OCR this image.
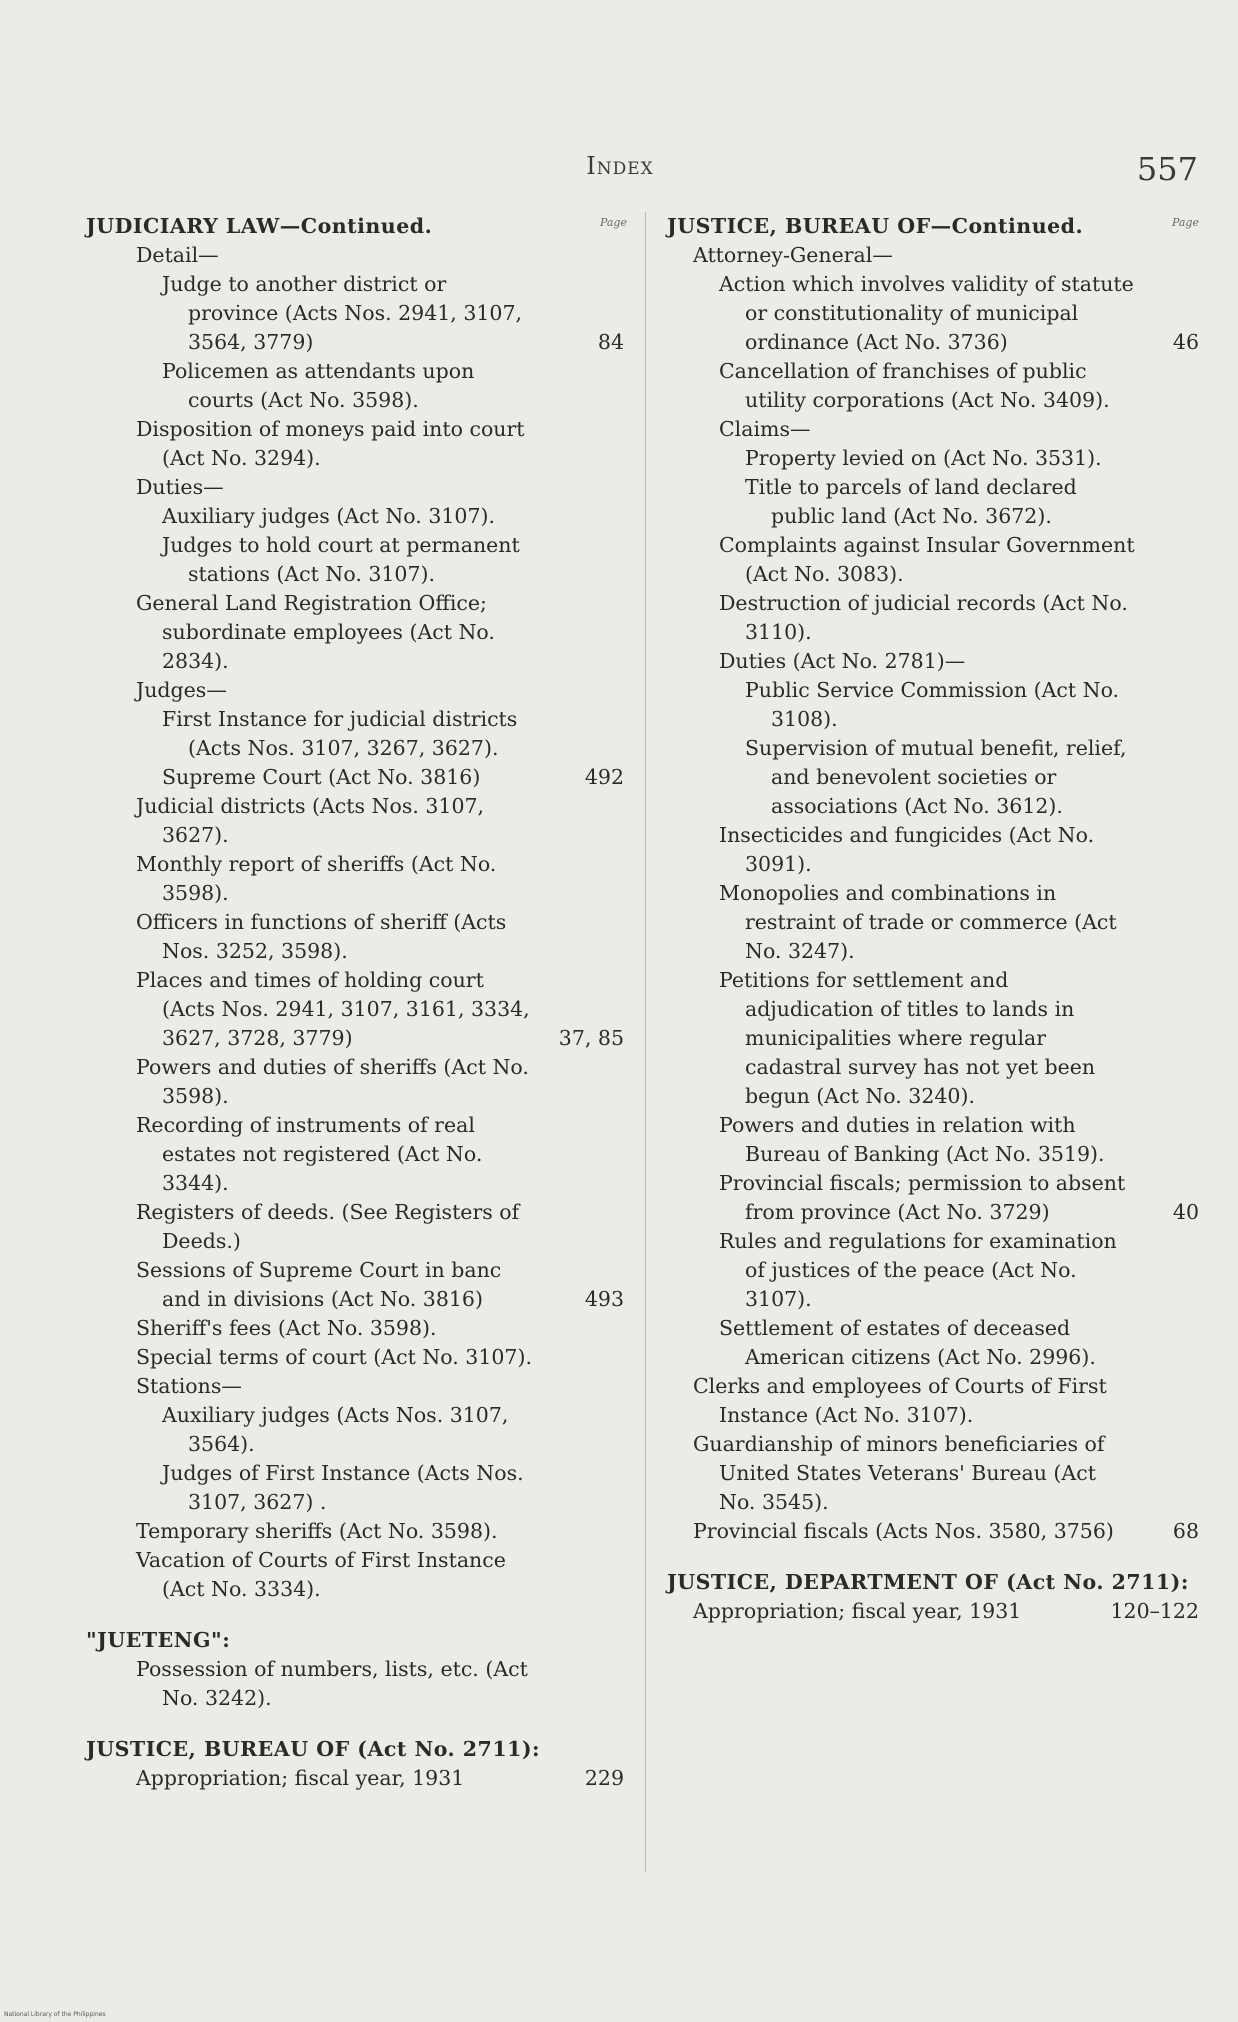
Index	557
Page
JUDICIARY LAW—Continued.
Detail—
Judge to another district or province (Acts Nos. 2941, 3107, 3564, 3779)	84
Policemen as attendants upon courts (Act No. 3598).
Disposition of moneys paid into court (Act No. 3294).
Duties—
Auxiliary judges (Act No. 3107).
Judges to hold court at permanent stations (Act No. 3107).
General Land Registration Office; subordinate employees (Act No. 2834).
Judges—
First Instance for judicial districts (Acts Nos. 3107, 3267, 3627).
Supreme Court (Act No. 3816)	492
Judicial districts (Acts Nos. 3107, 3627).
Monthly report of sheriffs (Act No. 3598).
Officers in functions of sheriff (Acts Nos. 3252, 3598).
Places and times of holding court (Acts Nos. 2941, 3107, 3161, 3334, 3627, 3728, 3779)	37, 85
Powers and duties of sheriffs (Act No. 3598).
Recording of instruments of real estates not registered (Act No. 3344).
Registers of deeds. (See Registers of Deeds.)
Sessions of Supreme Court in banc and in divisions (Act No. 3816)	493
Sheriff's fees (Act No. 3598).
Special terms of court (Act No. 3107).
Stations—
Auxiliary judges (Acts Nos. 3107, 3564).
Judges of First Instance (Acts Nos. 3107, 3627) .
Temporary sheriffs (Act No. 3598).
Vacation of Courts of First Instance (Act No. 3334).
"JUETENG":
Possession of numbers, lists, etc. (Act No. 3242).
JUSTICE, BUREAU OF (Act No. 2711):
Appropriation; fiscal year, 1931	229
Page
JUSTICE, BUREAU OF—Continued.
Attorney-General—
Action which involves validity of statute or constitutionality of municipal ordinance (Act No. 3736)	46
Cancellation of franchises of public utility corporations (Act No. 3409).
Claims—
Property levied on (Act No. 3531).
Title to parcels of land declared public land (Act No. 3672).
Complaints against Insular Government (Act No. 3083).
Destruction of judicial records (Act No. 3110).
Duties (Act No. 2781)—
Public Service Commission (Act No. 3108).
Supervision of mutual benefit, relief, and benevolent societies or associations (Act No. 3612).
Insecticides and fungicides (Act No. 3091).
Monopolies and combinations in restraint of trade or commerce (Act No. 3247).
Petitions for settlement and adjudication of titles to lands in municipalities where regular cadastral survey has not yet been begun (Act No. 3240).
Powers and duties in relation with Bureau of Banking (Act No. 3519).
Provincial fiscals; permission to absent from province (Act No. 3729)	40
Rules and regulations for examination of justices of the peace (Act No. 3107).
Settlement of estates of deceased American citizens (Act No. 2996).
Clerks and employees of Courts of First Instance (Act No. 3107).
Guardianship of minors beneficiaries of United States Veterans' Bureau (Act No. 3545).
Provincial fiscals (Acts Nos. 3580, 3756)	68
JUSTICE, DEPARTMENT OF (Act No. 2711):
Appropriation; fiscal year, 1931	120–122
National Library of the Philippines
